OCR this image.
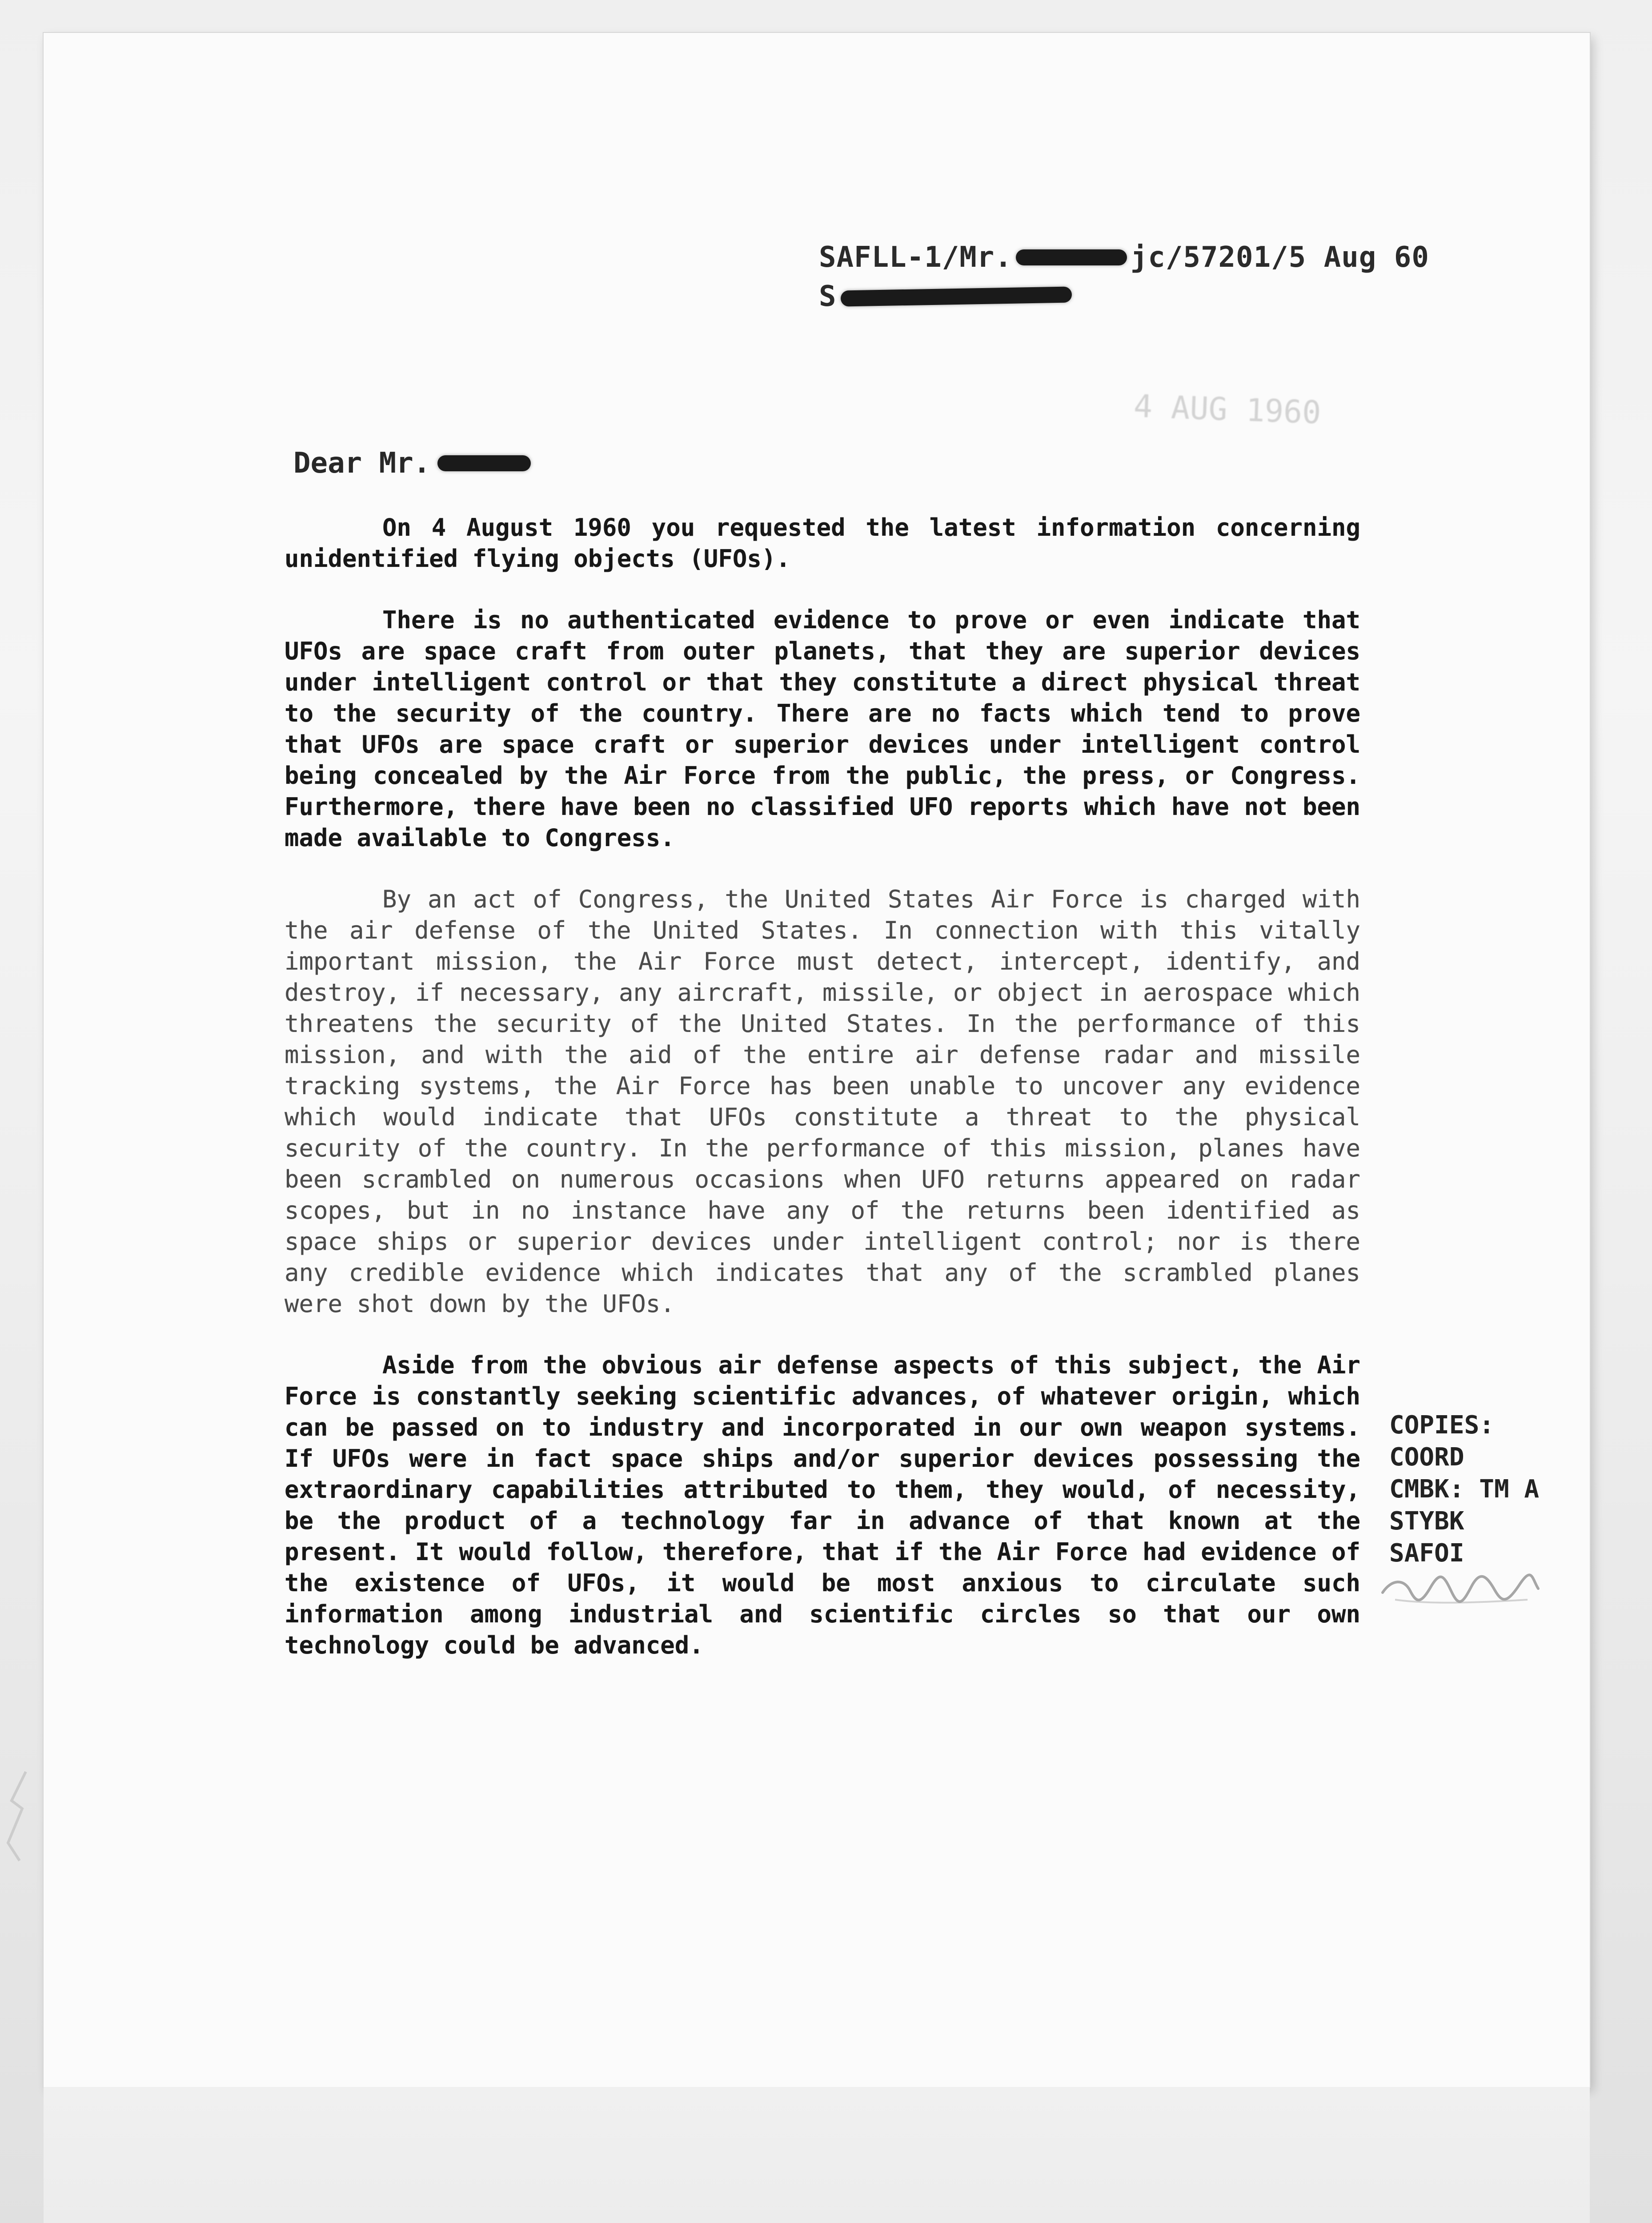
SAFLL-1/Mr.	jc/57201/5 Aug 60
S
4 AUG 1960
Dear Mr.

On 4 August 1960 you requested the latest information concerning unidentified flying objects (UFOs).

There is no authenticated evidence to prove or even indicate that UFOs are space craft from outer planets, that they are superior devices under intelligent control or that they constitute a direct physical threat to the security of the country. There are no facts which tend to prove that UFOs are space craft or superior devices under intelligent control being concealed by the Air Force from the public, the press, or Congress. Furthermore, there have been no classified UFO reports which have not been made available to Congress.

By an act of Congress, the United States Air Force is charged with the air defense of the United States. In connection with this vitally important mission, the Air Force must detect, intercept, identify, and destroy, if necessary, any aircraft, missile, or object in aerospace which threatens the security of the United States. In the performance of this mission, and with the aid of the entire air defense radar and missile tracking systems, the Air Force has been unable to uncover any evidence which would indicate that UFOs constitute a threat to the physical security of the country. In the performance of this mission, planes have been scrambled on numerous occasions when UFO returns appeared on radar scopes, but in no instance have any of the returns been identified as space ships or superior devices under intelligent control; nor is there any credible evidence which indicates that any of the scrambled planes were shot down by the UFOs.

Aside from the obvious air defense aspects of this subject, the Air Force is constantly seeking scientific advances, of whatever origin, which can be passed on to industry and incorporated in our own weapon systems. If UFOs were in fact space ships and/or superior devices possessing the extraordinary capabilities attributed to them, they would, of necessity, be the product of a technology far in advance of that known at the present. It would follow, therefore, that if the Air Force had evidence of the existence of UFOs, it would be most anxious to circulate such information among industrial and scientific circles so that our own technology could be advanced.

COPIES:
COORD
CMBK: TM A
STYBK
SAFOI
